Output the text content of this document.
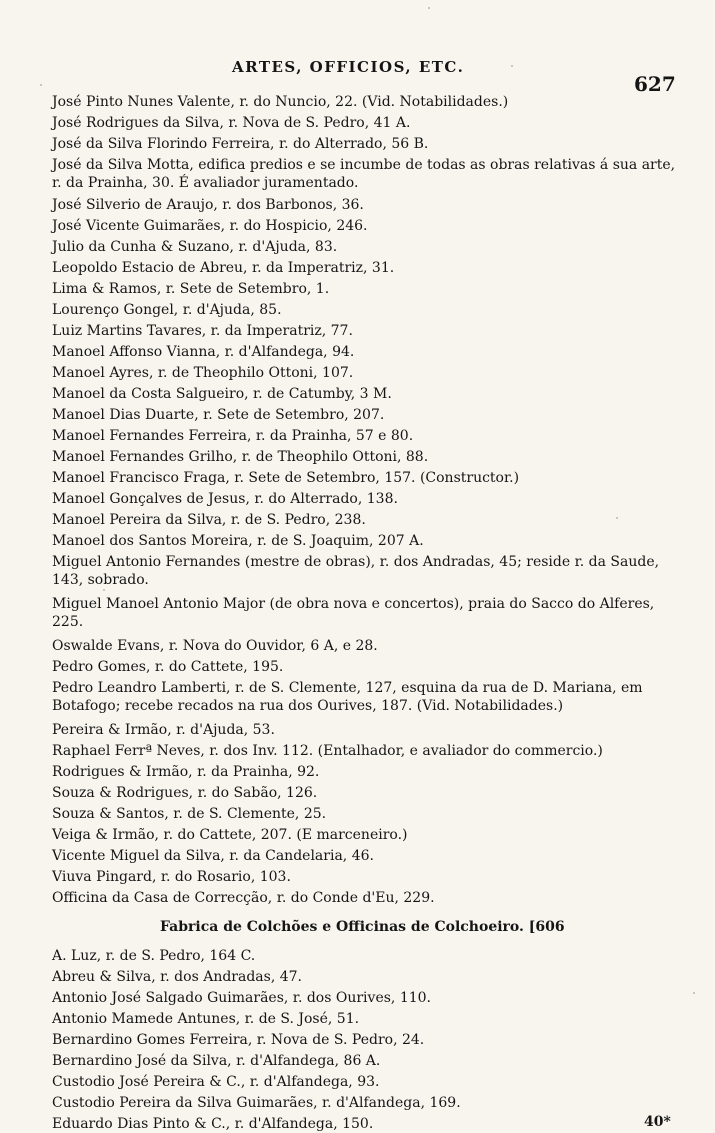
ARTES, OFFICIOS, ETC.
627

José Pinto Nunes Valente, r. do Nuncio, 22. (Vid. Notabilidades.)

José Rodrigues da Silva, r. Nova de S. Pedro, 41 A.

José da Silva Florindo Ferreira, r. do Alterrado, 56 B.

José da Silva Motta, edifica predios e se incumbe de todas as obras relativas á sua arte, r. da Prainha, 30. É avaliador juramentado.

José Silverio de Araujo, r. dos Barbonos, 36.

José Vicente Guimarães, r. do Hospicio, 246.

Julio da Cunha & Suzano, r. d'Ajuda, 83.

Leopoldo Estacio de Abreu, r. da Imperatriz, 31.

Lima & Ramos, r. Sete de Setembro, 1.

Lourenço Gongel, r. d'Ajuda, 85.

Luiz Martins Tavares, r. da Imperatriz, 77.

Manoel Affonso Vianna, r. d'Alfandega, 94.

Manoel Ayres, r. de Theophilo Ottoni, 107.

Manoel da Costa Salgueiro, r. de Catumby, 3 M.

Manoel Dias Duarte, r. Sete de Setembro, 207.

Manoel Fernandes Ferreira, r. da Prainha, 57 e 80.

Manoel Fernandes Grilho, r. de Theophilo Ottoni, 88.

Manoel Francisco Fraga, r. Sete de Setembro, 157. (Constructor.)

Manoel Gonçalves de Jesus, r. do Alterrado, 138.

Manoel Pereira da Silva, r. de S. Pedro, 238.

Manoel dos Santos Moreira, r. de S. Joaquim, 207 A.

Miguel Antonio Fernandes (mestre de obras), r. dos Andradas, 45; reside r. da Saude, 143, sobrado.

Miguel Manoel Antonio Major (de obra nova e concertos), praia do Sacco do Alferes, 225.

Oswalde Evans, r. Nova do Ouvidor, 6 A, e 28.

Pedro Gomes, r. do Cattete, 195.

Pedro Leandro Lamberti, r. de S. Clemente, 127, esquina da rua de D. Mariana, em Botafogo; recebe recados na rua dos Ourives, 187. (Vid. Notabilidades.)

Pereira & Irmão, r. d'Ajuda, 53.

Raphael Ferrª Neves, r. dos Inv. 112. (Entalhador, e avaliador do commercio.)

Rodrigues & Irmão, r. da Prainha, 92.

Souza & Rodrigues, r. do Sabão, 126.

Souza & Santos, r. de S. Clemente, 25.

Veiga & Irmão, r. do Cattete, 207. (E marceneiro.)

Vicente Miguel da Silva, r. da Candelaria, 46.

Viuva Pingard, r. do Rosario, 103.

Officina da Casa de Correcção, r. do Conde d'Eu, 229.

Fabrica de Colchões e Officinas de Colchoeiro. [606

A. Luz, r. de S. Pedro, 164 C.

Abreu & Silva, r. dos Andradas, 47.

Antonio José Salgado Guimarães, r. dos Ourives, 110.

Antonio Mamede Antunes, r. de S. José, 51.

Bernardino Gomes Ferreira, r. Nova de S. Pedro, 24.

Bernardino José da Silva, r. d'Alfandega, 86 A.

Custodio José Pereira & C., r. d'Alfandega, 93.

Custodio Pereira da Silva Guimarães, r. d'Alfandega, 169.

Eduardo Dias Pinto & C., r. d'Alfandega, 150.	40*
